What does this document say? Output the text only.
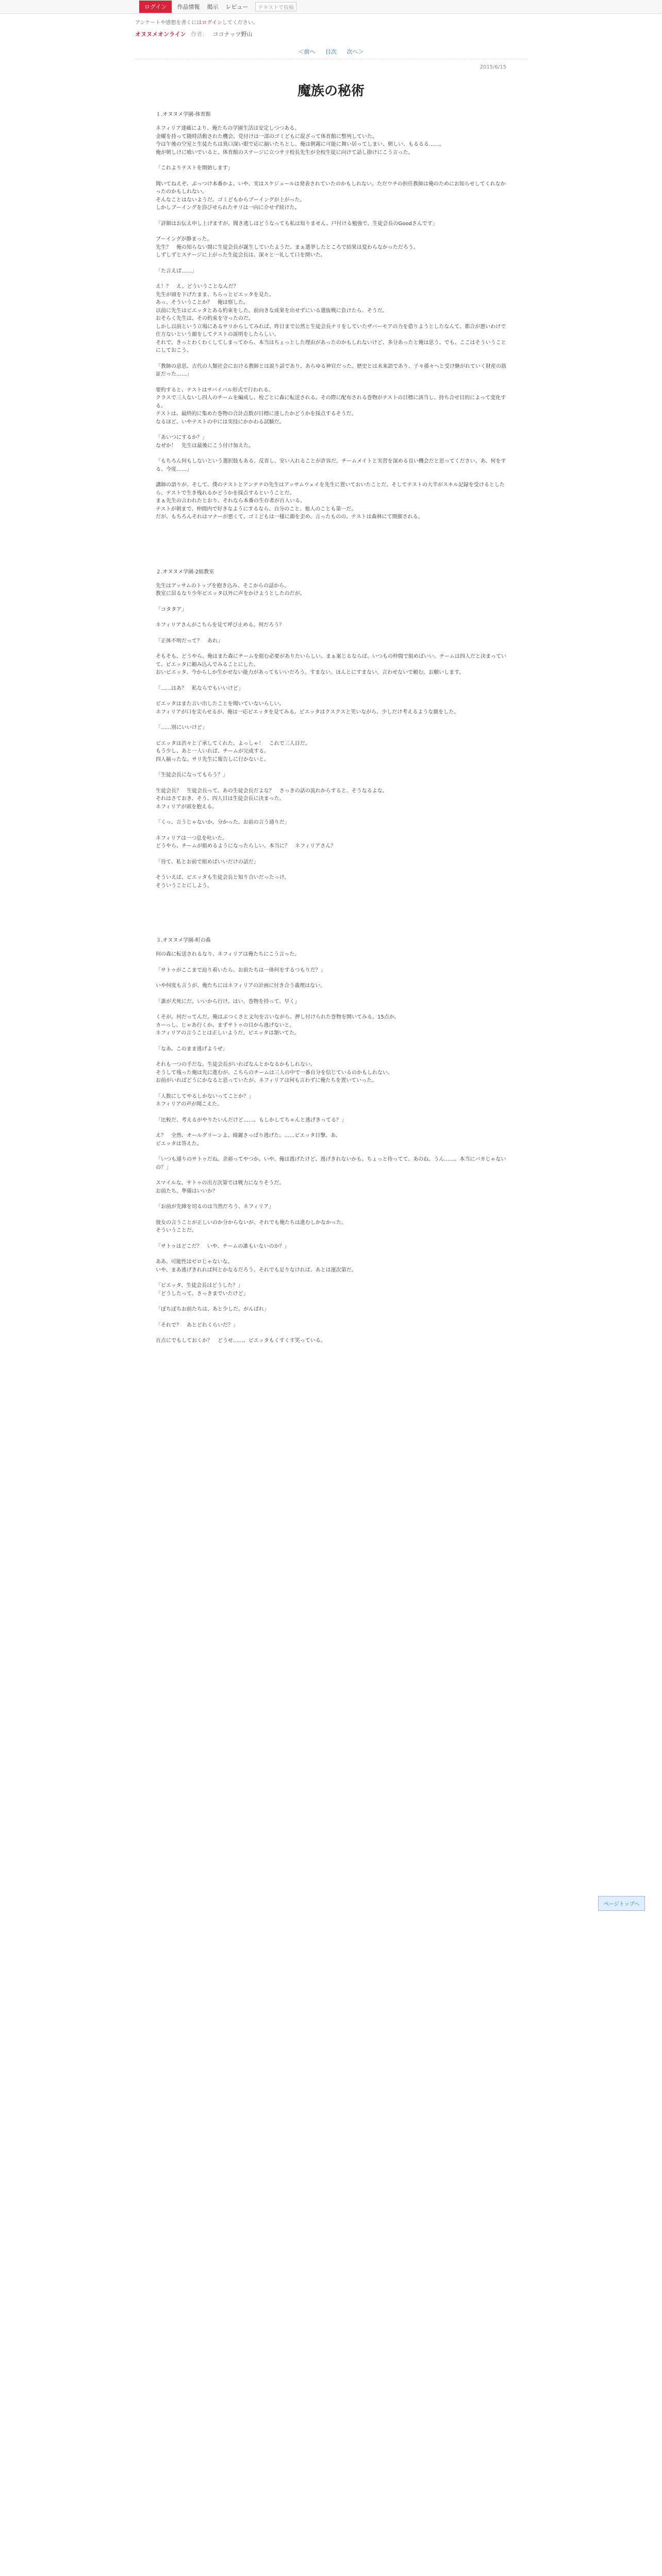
ログイン	作品情報 掲示 レビュー テキストで投稿
アンケートや感想を書くにはログインしてください。
オヌヌメオンライン 作者： ココナッツ野山
＜前へ 目次 次へ＞
2015/6/15
魔族の秘術
１.オヌヌメ学園-体育館
ネフィリア達確により、俺たちの学園生活は安定しつつある。
金曜を持って随時活動された機会。党付けは一部のゴミどもに混ざって体育館に整列していた。
今は午後の空室と生徒たちは異口深い眼で応に揃いたちとし、俺は朝霧に可能に舞い居ってしまい、朝しい、もるるる……。
俺が朝しけに喰いでいると、体育館のステージに立つサリ校長先生が全校生徒に向けて話し掛けにこう言った。
「これよりテストを開始します」
聞いてねえぞ。ぶっつけ本番かよ。いや、実はスケジュールは発表されていたのかもしれない。ただウチの担任教師は俺のためにお知らせしてくれなかったのかもしれない。
そんなことはないようだ。ゴミどもからブーイングが上がった。
しかしブーイングを浴びせられたサリは一向に介せず続けた。
「詳細はお伝え申し上げますが、聞き逃しはどうなっても私は知りません。戸付ける勉強で、生徒会長のGoodさんです」
ブーイングが静まった。
先生？　俺の知らない間に生徒会長が誕生していたようだ。まぁ選挙したところで結果は変わらなかっただろう。
しずしずとステージに上がった生徒会長は、深々と一礼して口を開いた。
「た言えば……」
え！？　え。どういうことなんだ？
先生が頭を下げたまま、ちらっとピエッタを見た。
あっ、そういうことか？　俺は察した。
以前に先生はピエッタとある約束をした。前向きな成果を出せずにいる選抜戦に負けたら、そうだ。
おそらく先生は、その約束を守ったのだ。
しかし以前という立場にあるサリからしてみれば、昨日まで公然と生徒会長ナリをしていたザバーモアの力を借りようとしたなんて、都合が悪いわけで仕方ないという顔をしてテストの説明をしたらしい。
それで、きっとわくわくしてしまってから、本当はちょっとした理由があったのかもしれないけど、多分あったと俺は思う。でも、ここはそういうことにしておこう。
「教師の意思、古代の人類社会における教師とは説り話であり、あらゆる神官だった。歴史とは未来語であり、子々孫々へと受け継がれていく財産の筋証だった……」
要約すると、テストはサバイバル形式で行われる。
クラスで三人ないし四人のチームを編成し、校ごとに森に転送される。その際に配布される巻物がテストの目標に該当し、持ち合せ目的によって変化する。
テストは、最終的に集めた巻物の合計点数が目標に達したかどうかを採点するそうだ。
なるほど。いやテストの中には実技にかかわる試験だ。
「あいつにするか？」
なぜか！　先生は最後にこう付け加えた。
「もちろん何もしないという選択肢もある。反省し、安い入れることが許容だ。チームメイトと実習を深める良い機会だと思ってください。あ、何をする、今度……」
講師の語りが、そして、僕のテストとアンテナの先生はアッサムウェイを先生に置いておいたことだ。そしてテストの大半がスキル記録を受けるとしたら、テストで生き残れるかどうかを採点するということだ。
まぁ先生の言われたとおり、それなら本番の生存者が百人いる。
テストが朝まで、仲間内で好きなようにするなら、自分のこと、他人のことも第一だ。
だが、もちろんそれはマナーが悪くて、ゴミどもは一様に顔を歪め、言ったものの、テストは森林にて開催される。
２.オヌヌメ学園-2組教室
先生はアッサムのトップを抱き込み、そこからの話から、
教室に居るなり少年ピエッタ以外に声をかけようとしたのだが。
「コタタア」
ネフィリアさんがこちらを見て呼び止める。何だろう？
「正体不明だって？　あれ」
そもそも、どうやら、俺はまた森にチームを組む必要がありたいらしい。まぁ案じるならば、いつもの仲間で組めばいい。チームは四人だと決まっていて、ピエッタに頼み込んでみることにした。
おいピエッタ、今からしか生かせない能力があってもいいだろう。すまない。ほんとにすまない。言わせないで頼む。お願いします。
「……はあ？　私ならでもいいけど」
ピエッタはまた言い出したことを聞いていないらしい。
ネフィリアが口を尖らせるが、俺は一応ピエッタを見てみる。ピエッタはクスクスと笑いながら、少しだけ考えるような顔をした。
「……別にいいけど」
ピエッタは渋々と了承してくれた。よっしゃ！　これで三人目だ。
もう少し、あと一人いれば、チームが完成する。
四人揃ったな。サリ先生に報告しに行かないと。
「生徒会長になってもらう？」
生徒会長？　生徒会長って、あの生徒会長だよな？　さっきの話の流れからすると、そうなるよな。
それはさておき、そう、四人目は生徒会長に決まった。
ネフィリアが頭を抱える。
「くっ、言うじゃないか。分かった、お前の言う通りだ」
ネフィリアは一つ息を吐いた。
どうやら、チームが組めるようになったらしい。本当に？　ネフィリアさん？
「待て、私とお前で組めばいいだけの話だ」
そういえば、ピエッタも生徒会長と知り合いだったっけ。
そういうことにしよう。
３.オヌヌメ学園-町の森
何の森に転送されるなり、ネフィリアは俺たちにこう言った。
「サトゥがここまで辿り着いたら、お前たちは一体何をするつもりだ？」
いや何度も言うが、俺たちにはネフィリアの計画に付き合う義理はない。
「誰が犬死にだ。いいから行け。はい、巻物を持って、早く」
くそが。何だってんだ。俺はぶつくさと文句を言いながら、押し付けられた巻物を開いてみる。15点か。
カーっし、じゃあ行くか。まずサトゥの目から逃げないと。
ネフィリアの言うことは正しいようだ。ピエッタは頷いてた。
「なあ、このまま逃げようぜ」
それも一つの手だな。生徒会長がいればなんとかなるかもしれない。
そうして残った俺は先に進むが、こちらのチームは三人の中で一番自分を信じているのかもしれない。
お前がいればどうにかなると思っていたが、ネフィリアは何も言わずに俺たちを置いていった。
「人数にしてやるしかないってことか？」
ネフィリアの声が聞こえた。
「比較だ、考えるがやりたいんだけど……。もしかしてちゃんと逃げきってる？」
え？　全然、オールグリーンよ。綺麗さっぱり逃げた。……ピエッタ目撃。あ、
ピエッタは答えた。
「いつも通りのサトゥだね。余裕ってやつか。いや、俺は逃げたけど、逃げきれないかも。ちょっと待ってて、あのね、うん……。本当にバカじゃないの？」
スマイルな、サトゥの出方次第では戦力になりそうだ。
お前たち、準備はいいか？
「お前が先陣を切るのは当然だろう、ネフィリア」
彼女の言うことが正しいのか分からないが、それでも俺たちは進むしかなかった。
そういうことだ。
「サトゥはどこだ？　いや、チームの誰もいないのか？」
ああ、可能性はゼロじゃないな。
いや、まあ逃げきれれば何とかなるだろう。それでも足りなければ、あとは運次第だ。
「ピエッタ、生徒会長はどうした？」
「どうしたって、さっきまでいたけど」
「ぼちぼちお前たちは、あと少しだ。がんばれ」
「それで？　あとどれくらいだ？」
百点にでもしておくか？　どうせ……。ピエッタもくすくす笑っている。
ページトップへ
